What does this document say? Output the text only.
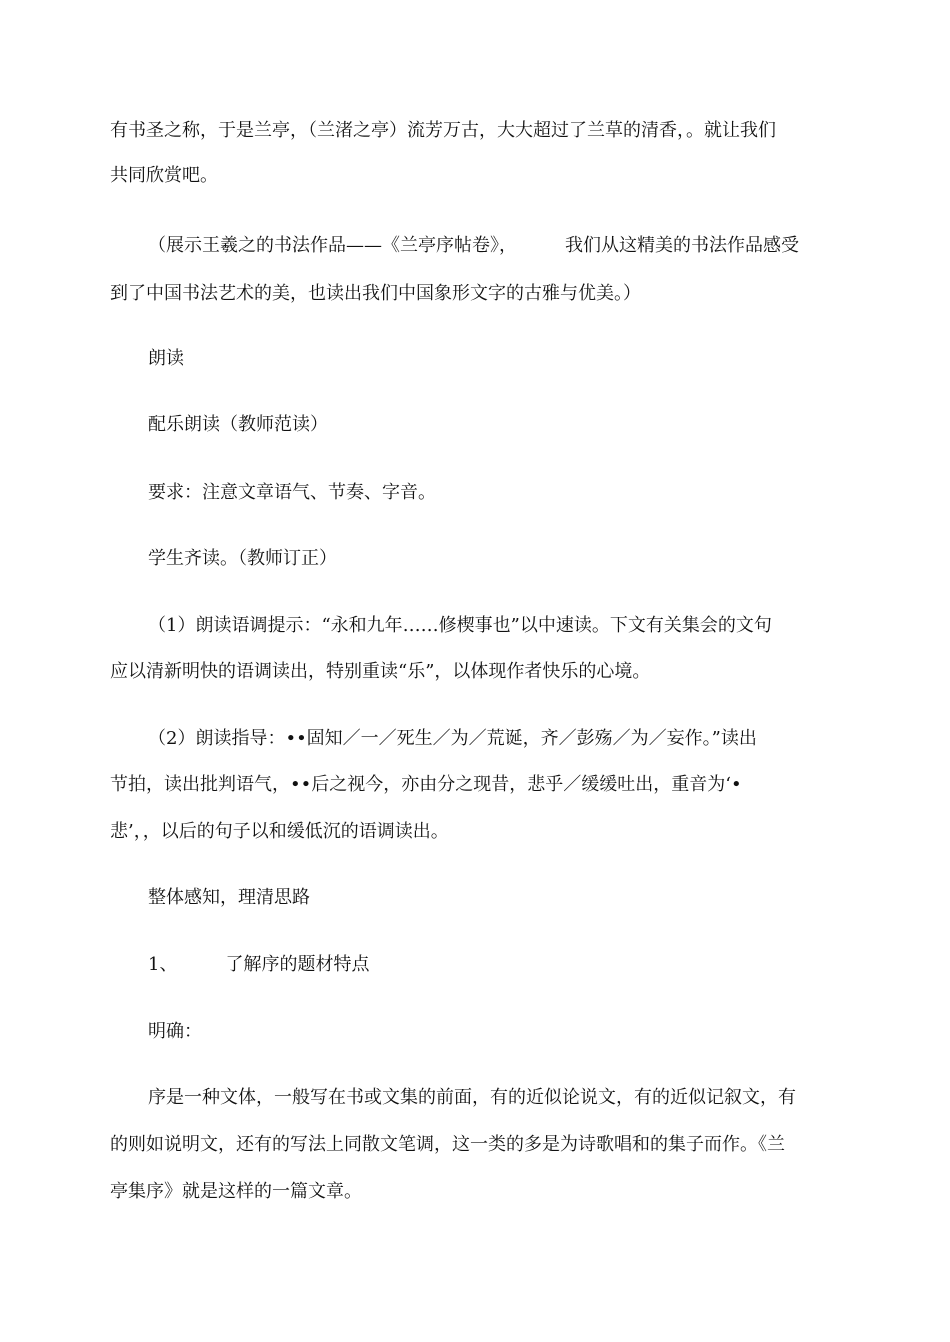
有书圣之称，于是兰亭，（兰渚之亭）流芳万古，大大超过了兰草的清香，。就让我们
共同欣赏吧。
（展示王羲之的书法作品——《兰亭序帖卷》，	我们从这精美的书法作品感受
到了中国书法艺术的美，也读出我们中国象形文字的古雅与优美。）
朗读
配乐朗读（教师范读）
要求：注意文章语气、节奏、字音。
学生齐读。（教师订正）
（1）朗读语调提示：“永和九年……修楔事也”以中速读。下文有关集会的文句
应以清新明快的语调读出，特别重读“乐”，以体现作者快乐的心境。
（2）朗读指导：••固知／一／死生／为／荒诞，齐／彭殇／为／妄作。”读出
节拍，读出批判语气，••后之视今，亦由分之现昔，悲乎／缓缓吐出，重音为‘•
悲’，，以后的句子以和缓低沉的语调读出。
整体感知，理清思路
1、	了解序的题材特点
明确：
序是一种文体，一般写在书或文集的前面，有的近似论说文，有的近似记叙文，有
的则如说明文，还有的写法上同散文笔调，这一类的多是为诗歌唱和的集子而作。《兰
亭集序》就是这样的一篇文章。
